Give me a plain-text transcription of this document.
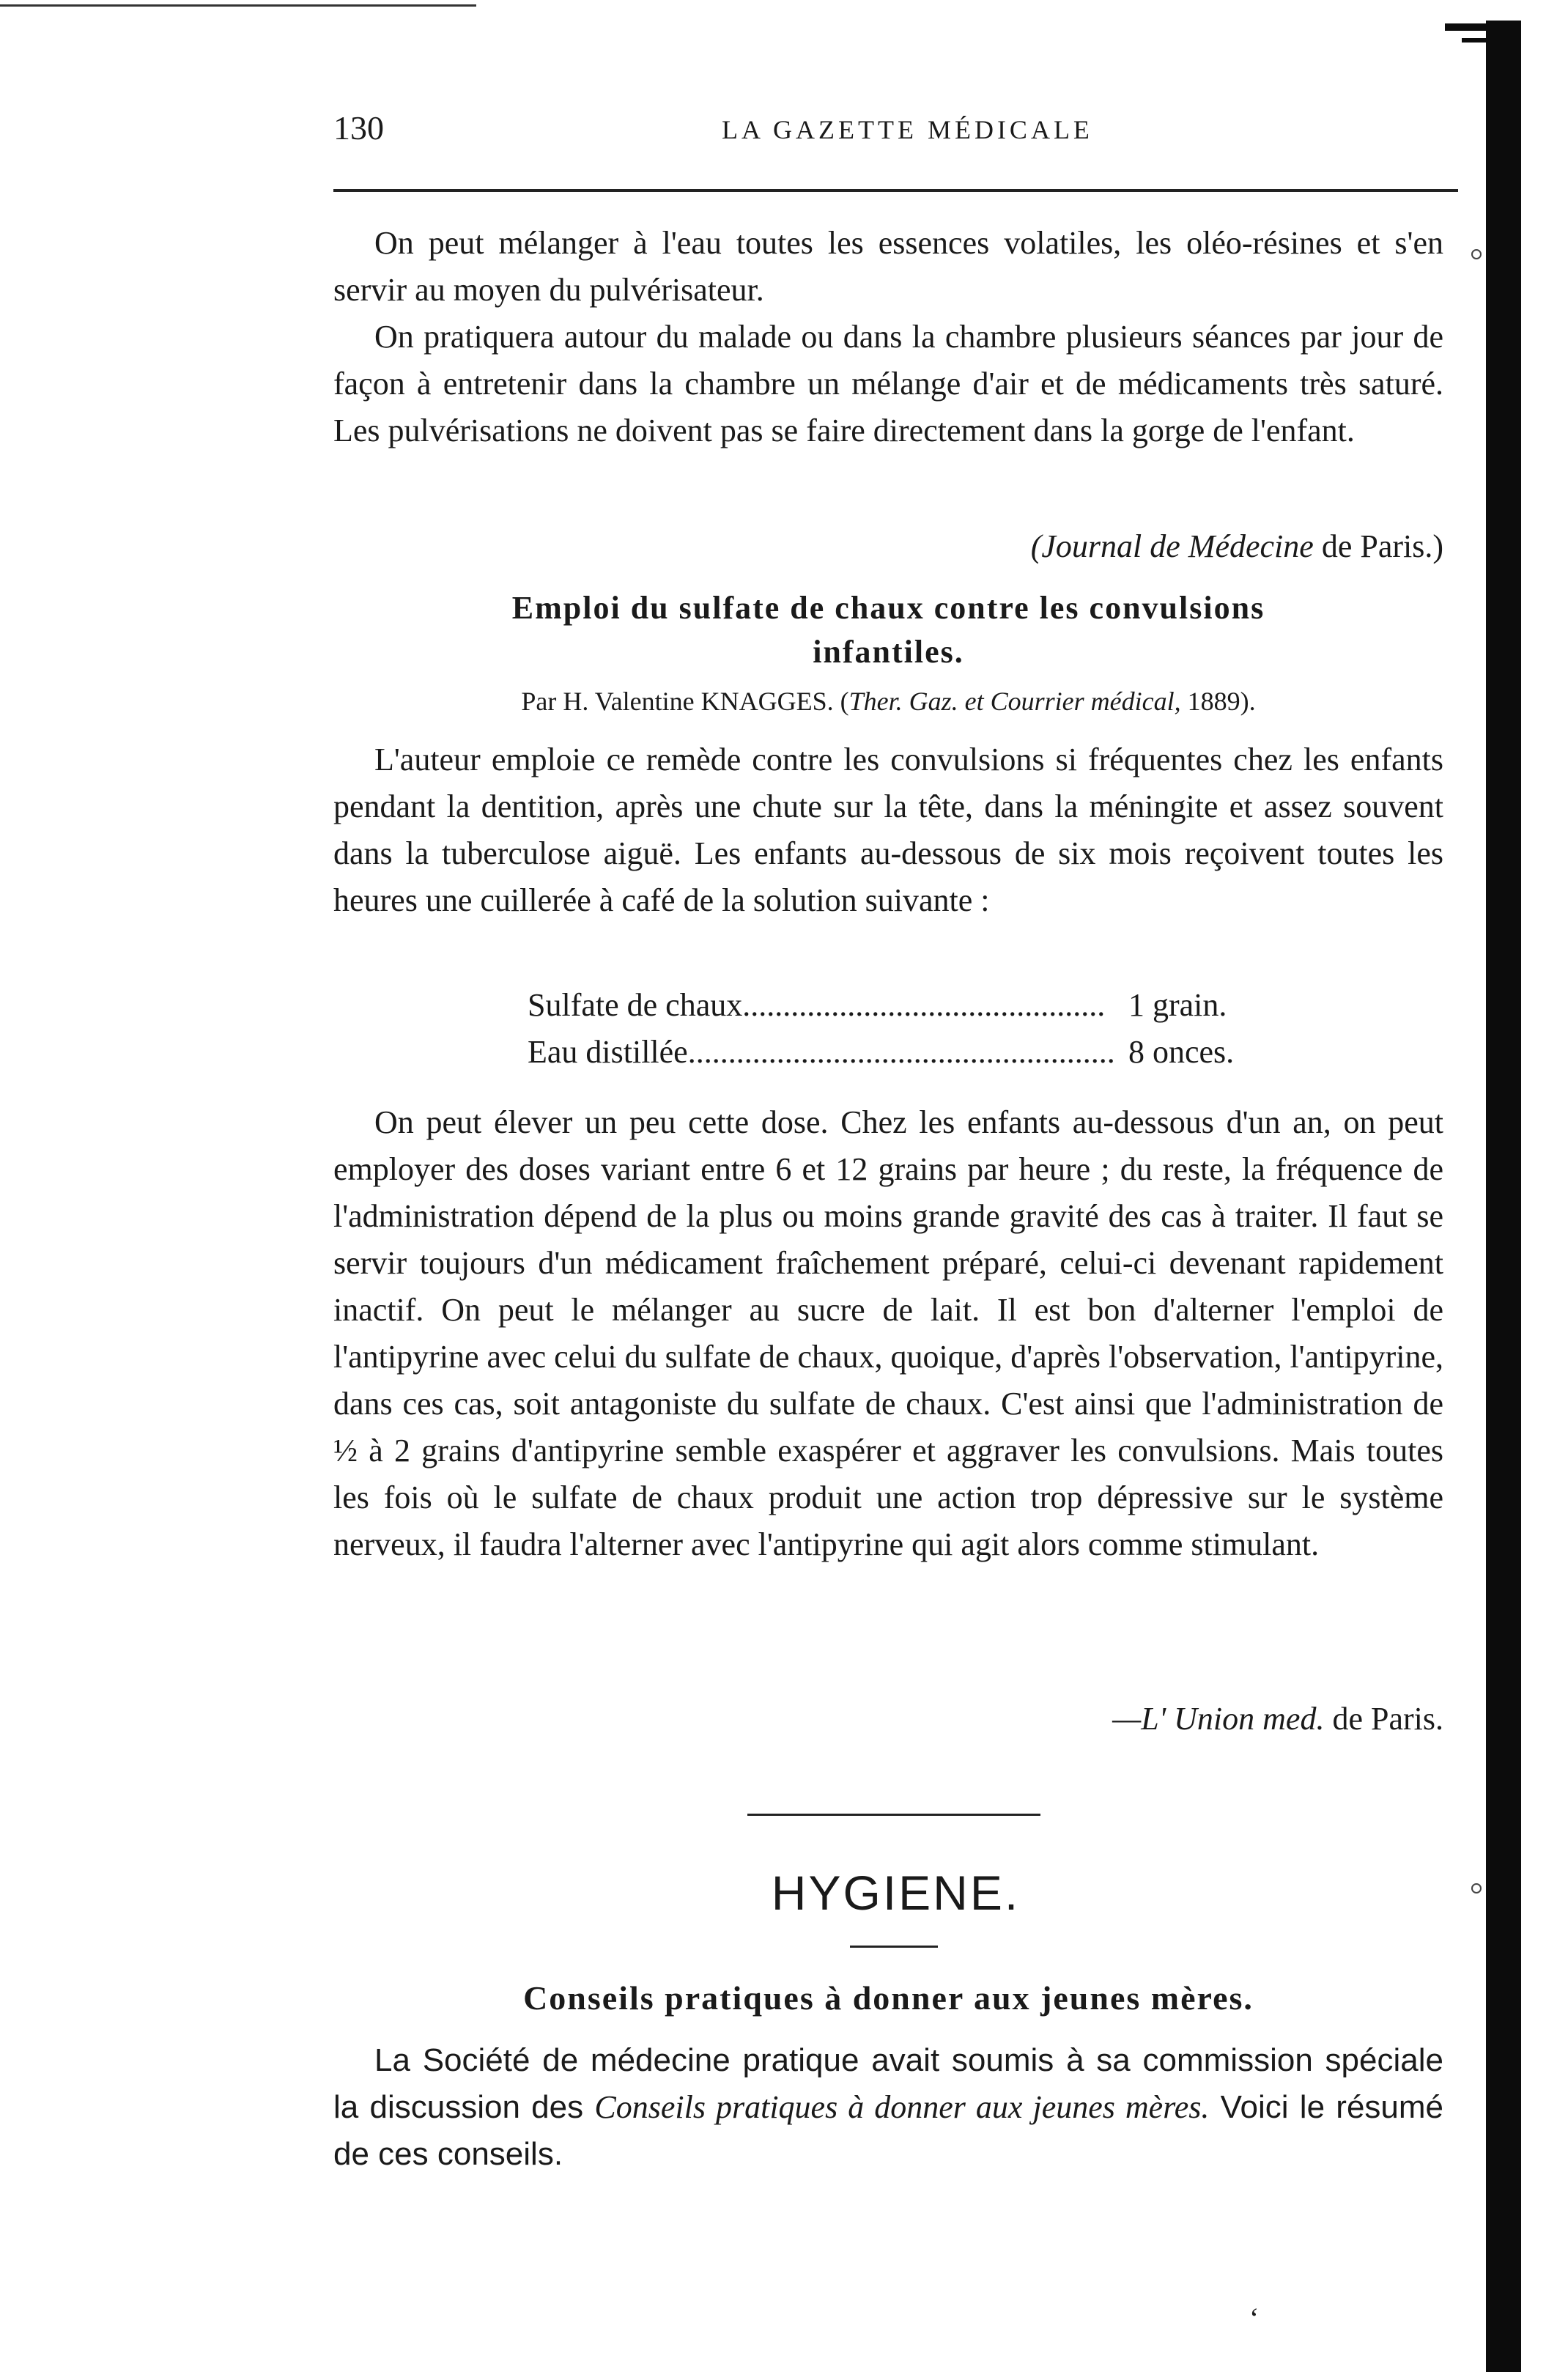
130	LA GAZETTE MÉDICALE

On peut mélanger à l'eau toutes les essences volatiles, les oléo-résines et s'en servir au moyen du pulvérisateur.

On pratiquera autour du malade ou dans la chambre plusieurs séances par jour de façon à entretenir dans la chambre un mélange d'air et de médicaments très saturé. Les pulvérisations ne doivent pas se faire directement dans la gorge de l'enfant.

(Journal de Médecine de Paris.)
Emploi du sulfate de chaux contre les convulsions
infantiles.
Par H. Valentine KNAGGES. (Ther. Gaz. et Courrier médical, 1889).

L'auteur emploie ce remède contre les convulsions si fréquentes chez les enfants pendant la dentition, après une chute sur la tête, dans la méningite et assez souvent dans la tuberculose aiguë. Les enfants au-dessous de six mois reçoivent toutes les heures une cuillerée à café de la solution suivante :

Sulfate de chaux............................................. 1 grain.
Eau distillée..................................................... 8 onces.

On peut élever un peu cette dose. Chez les enfants au-dessous d'un an, on peut employer des doses variant entre 6 et 12 grains par heure ; du reste, la fréquence de l'administration dépend de la plus ou moins grande gravité des cas à traiter. Il faut se servir toujours d'un médicament fraîchement préparé, celui-ci devenant rapidement inactif. On peut le mélanger au sucre de lait. Il est bon d'alterner l'emploi de l'antipyrine avec celui du sulfate de chaux, quoique, d'après l'observation, l'antipyrine, dans ces cas, soit antagoniste du sulfate de chaux. C'est ainsi que l'administration de ½ à 2 grains d'antipyrine semble exaspérer et aggraver les convulsions. Mais toutes les fois où le sulfate de chaux produit une action trop dépressive sur le système nerveux, il faudra l'alterner avec l'antipyrine qui agit alors comme stimulant.

—L' Union med. de Paris.
HYGIENE.
Conseils pratiques à donner aux jeunes mères.

La Société de médecine pratique avait soumis à sa commission spéciale la discussion des Conseils pratiques à donner aux jeunes mères. Voici le résumé de ces conseils.

ʻ
